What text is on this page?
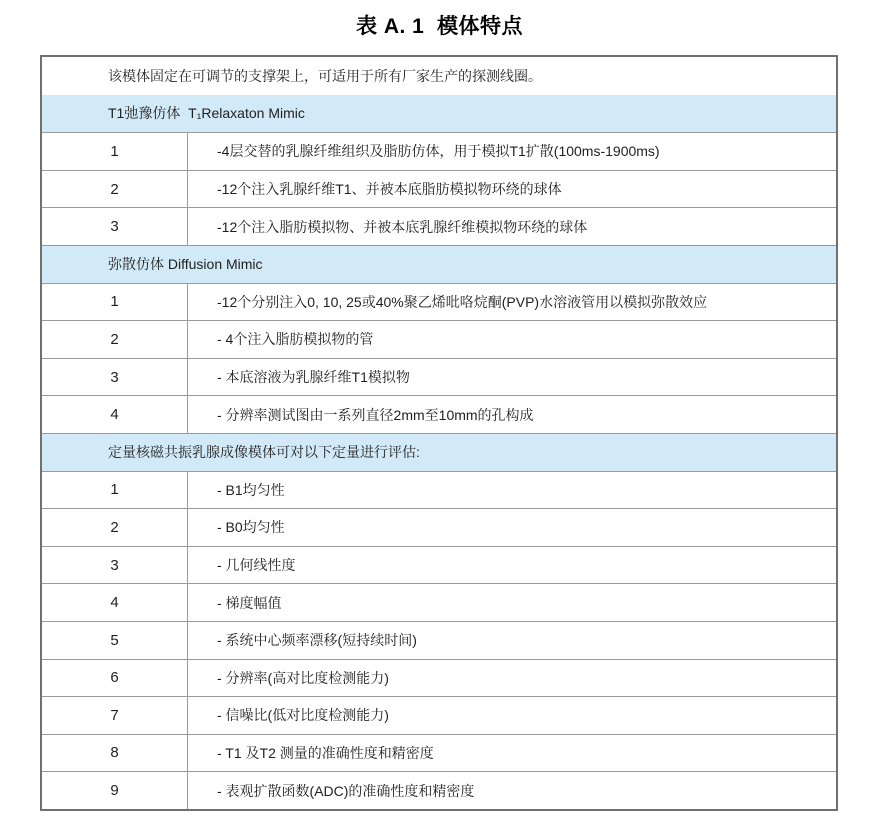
表 A. 1  模体特点
该模体固定在可调节的支撑架上，可适用于所有厂家生产的探测线圈。
T1弛豫仿体  T₁Relaxaton Mimic
1	-4层交替的乳腺纤维组织及脂肪仿体，用于模拟T1扩散(100ms-1900ms)
2	-12个注入乳腺纤维T1、并被本底脂肪模拟物环绕的球体
3	-12个注入脂肪模拟物、并被本底乳腺纤维模拟物环绕的球体
弥散仿体 Diffusion Mimic
1	-12个分别注入0, 10, 25或40%聚乙烯吡咯烷酮(PVP)水溶液管用以模拟弥散效应
2	- 4个注入脂肪模拟物的管
3	- 本底溶液为乳腺纤维T1模拟物
4	- 分辨率测试图由一系列直径2mm至10mm的孔构成
定量核磁共振乳腺成像模体可对以下定量进行评估:
1	- B1均匀性
2	- B0均匀性
3	- 几何线性度
4	- 梯度幅值
5	- 系统中心频率漂移(短持续时间)
6	- 分辨率(高对比度检测能力)
7	- 信噪比(低对比度检测能力)
8	- T1 及T2 测量的准确性度和精密度
9	- 表观扩散函数(ADC)的准确性度和精密度
